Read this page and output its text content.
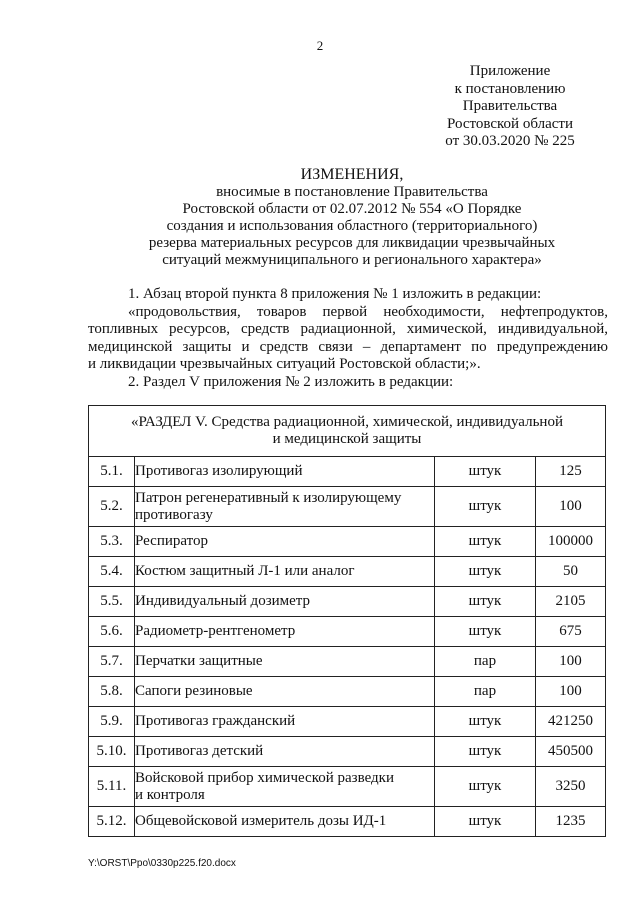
2
Приложение
к постановлению
Правительства
Ростовской области
от 30.03.2020 № 225
ИЗМЕНЕНИЯ,
вносимые в постановление Правительства
Ростовской области от 02.07.2012 № 554 «О Порядке
создания и использования областного (территориального)
резерва материальных ресурсов для ликвидации чрезвычайных
ситуаций межмуниципального и регионального характера»

1. Абзац второй пункта 8 приложения № 1 изложить в редакции:

«продовольствия, товаров первой необходимости, нефтепродуктов,

топливных ресурсов, средств радиационной, химической, индивидуальной,

медицинской защиты и средств связи – департамент по предупреждению

и ликвидации чрезвычайных ситуаций Ростовской области;».

2. Раздел V приложения № 2 изложить в редакции:

«РАЗДЕЛ V. Средства радиационной, химической, индивидуальной
и медицинской защиты			

5.1.	Противогаз изолирующий	штук	125
5.2.	Патрон регенеративный к изолирующему
противогазу	штук	100
5.3.	Респиратор	штук	100000
5.4.	Костюм защитный Л-1 или аналог	штук	50
5.5.	Индивидуальный дозиметр	штук	2105
5.6.	Радиометр-рентгенометр	штук	675
5.7.	Перчатки защитные	пар	100
5.8.	Сапоги резиновые	пар	100
5.9.	Противогаз гражданский	штук	421250
5.10.	Противогаз детский	штук	450500
5.11.	Войсковой прибор химической разведки
и контроля	штук	3250
5.12.	Общевойсковой измеритель дозы ИД-1	штук	1235
Y:\ORST\Ppo\0330p225.f20.docx
